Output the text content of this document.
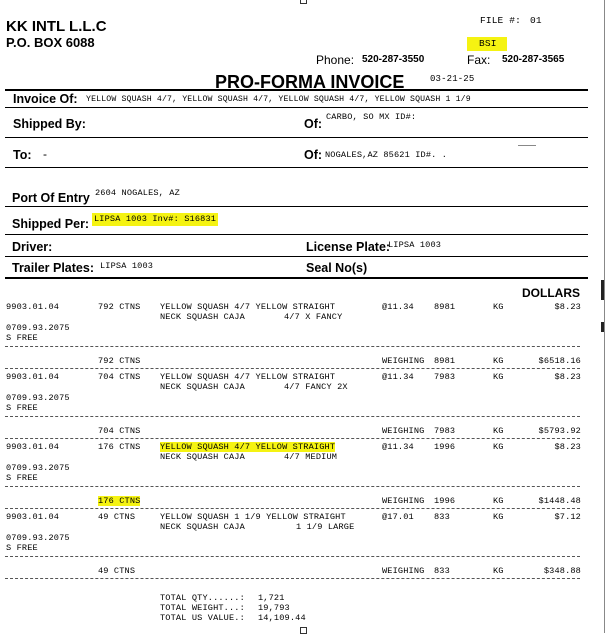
KK INTL L.L.C
P.O. BOX 6088
FILE #: 01
BSI
Phone: 520-287-3550	Fax: 520-287-3565
PRO-FORMA INVOICE	03-21-25
Invoice Of: YELLOW SQUASH 4/7, YELLOW SQUASH 4/7, YELLOW SQUASH 4/7, YELLOW SQUASH 1 1/9
Shipped By:	Of: CARBO, SO MX ID#:
To: -	Of: NOGALES,AZ 85621 ID#. .
Port Of Entry 2604 NOGALES, AZ
Shipped Per: LIPSA 1003 Inv#: S16831
Driver:	License Plate:
LIPSA 1003
Trailer Plates: LIPSA 1003	Seal No(s)
DOLLARS
9903.01.04	792 CTNS YELLOW SQUASH 4/7 YELLOW STRAIGHT
NECK SQUASH CAJA	4/7 X FANCY
@11.34 8981	KG	$8.23
0709.93.2075
S FREE
792 CTNS	WEIGHING 8981	KG	$6518.16
9903.01.04	704 CTNS YELLOW SQUASH 4/7 YELLOW STRAIGHT
NECK SQUASH CAJA	4/7 FANCY 2X
@11.34 7983	KG	$8.23
0709.93.2075
S FREE
704 CTNS	WEIGHING 7983	KG	$5793.92
9903.01.04	176 CTNS YELLOW SQUASH 4/7 YELLOW STRAIGHT
NECK SQUASH CAJA	4/7 MEDIUM
@11.34 1996	KG	$8.23
0709.93.2075
S FREE
176 CTNS	WEIGHING 1996	KG	$1448.48
9903.01.04	49 CTNS	YELLOW SQUASH 1 1/9 YELLOW STRAIGHT
NECK SQUASH CAJA	1 1/9 LARGE
@17.01 833	KG	$7.12
0709.93.2075
S FREE
49 CTNS	WEIGHING 833	KG	$348.88
TOTAL QTY......: 1,721
TOTAL WEIGHT...: 19,793
TOTAL US VALUE.: 14,109.44
